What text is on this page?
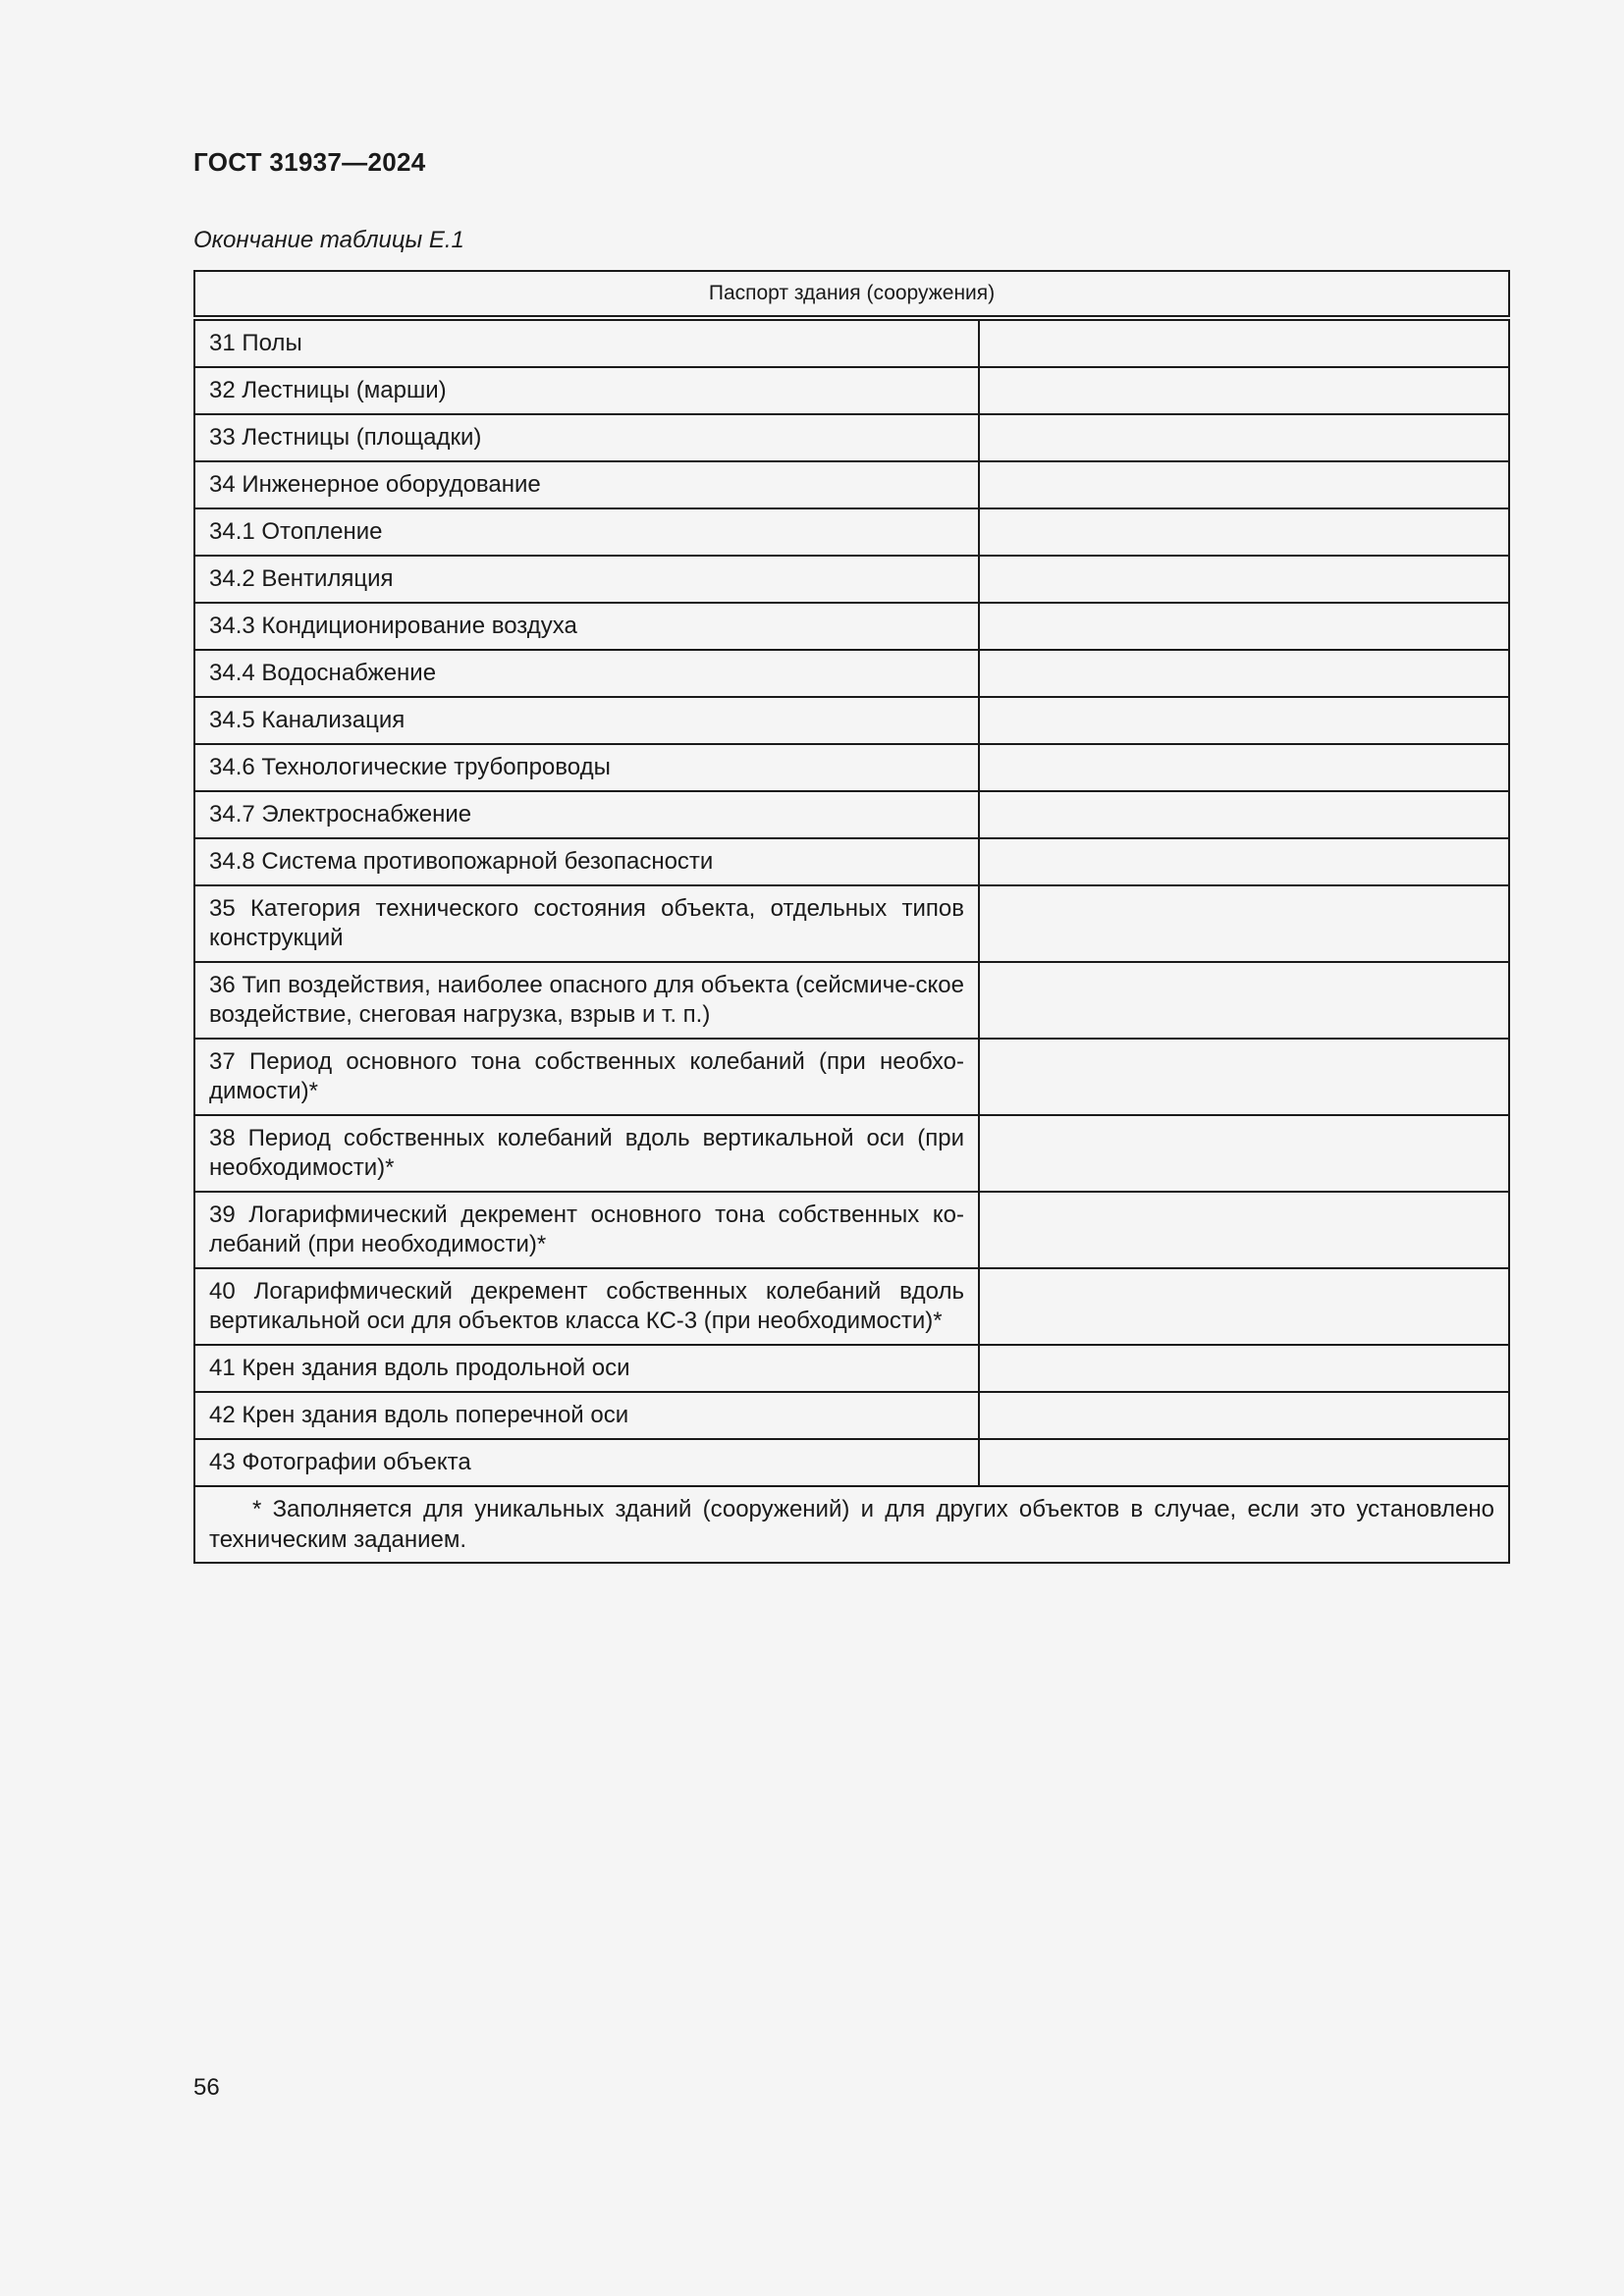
ГОСТ 31937—2024
Окончание таблицы Е.1
Паспорт здания (сооружения)	

31 Полы	

32 Лестницы (марши)	

33 Лестницы (площадки)	

34 Инженерное оборудование	

34.1 Отопление	

34.2 Вентиляция	

34.3 Кондиционирование воздуха	

34.4 Водоснабжение	

34.5 Канализация	

34.6 Технологические трубопроводы	

34.7 Электроснабжение	

34.8 Система противопожарной безопасности	

35 Категория технического состояния объекта, отдельных типов конструкций	

36 Тип воздействия, наиболее опасного для объекта (сейсмиче-ское воздействие, снеговая нагрузка, взрыв и т. п.)	

37 Период основного тона собственных колебаний (при необхо-димости)*	

38 Период собственных колебаний вдоль вертикальной оси (при необходимости)*	

39 Логарифмический декремент основного тона собственных ко-лебаний (при необходимости)*	

40 Логарифмический декремент собственных колебаний вдоль вертикальной оси для объектов класса КС-3 (при необходимости)*	

41 Крен здания вдоль продольной оси	

42 Крен здания вдоль поперечной оси	

43 Фотографии объекта	

* Заполняется для уникальных зданий (сооружений) и для других объектов в случае, если это установлено техническим заданием.	
56
